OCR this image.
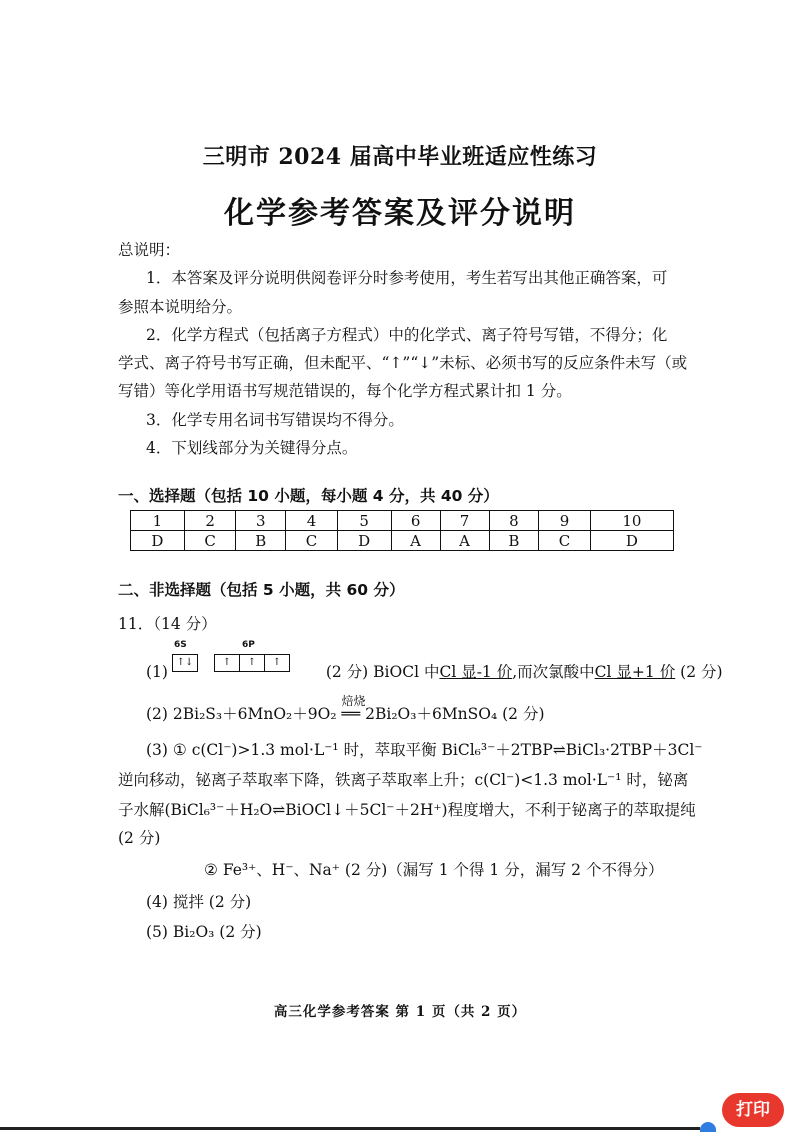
三明市 2024 届高中毕业班适应性练习
化学参考答案及评分说明
总说明：
1．本答案及评分说明供阅卷评分时参考使用，考生若写出其他正确答案，可
参照本说明给分。
2．化学方程式（包括离子方程式）中的化学式、离子符号写错，不得分；化
学式、离子符号书写正确，但未配平、“↑”“↓”未标、必须书写的反应条件未写（或
写错）等化学用语书写规范错误的，每个化学方程式累计扣 1 分。
3．化学专用名词书写错误均不得分。
4．下划线部分为关键得分点。
一、选择题（包括 10 小题，每小题 4 分，共 40 分）
1	2	3	4	5	6	7	8	9	10
D	C	B	C	D	A	A	B	C	D
二、非选择题（包括 5 小题，共 60 分）
11．（14 分）
6S	6P
↑↓	↑	↑	↑
(1)	(2 分) BiOCl 中Cl 显-1 价,而次氯酸中Cl 显+1 价 (2 分)
(2) 2Bi₂S₃＋6MnO₂＋9O₂
焙烧
══ 2Bi₂O₃＋6MnSO₄ (2 分)
(3) ① c(Cl⁻)>1.3 mol·L⁻¹ 时，萃取平衡 BiCl₆³⁻＋2TBP⇌BiCl₃·2TBP＋3Cl⁻
逆向移动，铋离子萃取率下降，铁离子萃取率上升；c(Cl⁻)<1.3 mol·L⁻¹ 时，铋离
子水解(BiCl₆³⁻＋H₂O⇌BiOCl↓＋5Cl⁻＋2H⁺)程度增大，不利于铋离子的萃取提纯
(2 分)
② Fe³⁺、H⁻、Na⁺ (2 分)（漏写 1 个得 1 分，漏写 2 个不得分）
(4) 搅拌 (2 分)
(5) Bi₂O₃ (2 分)
高三化学参考答案 第 1 页（共 2 页）
打印
